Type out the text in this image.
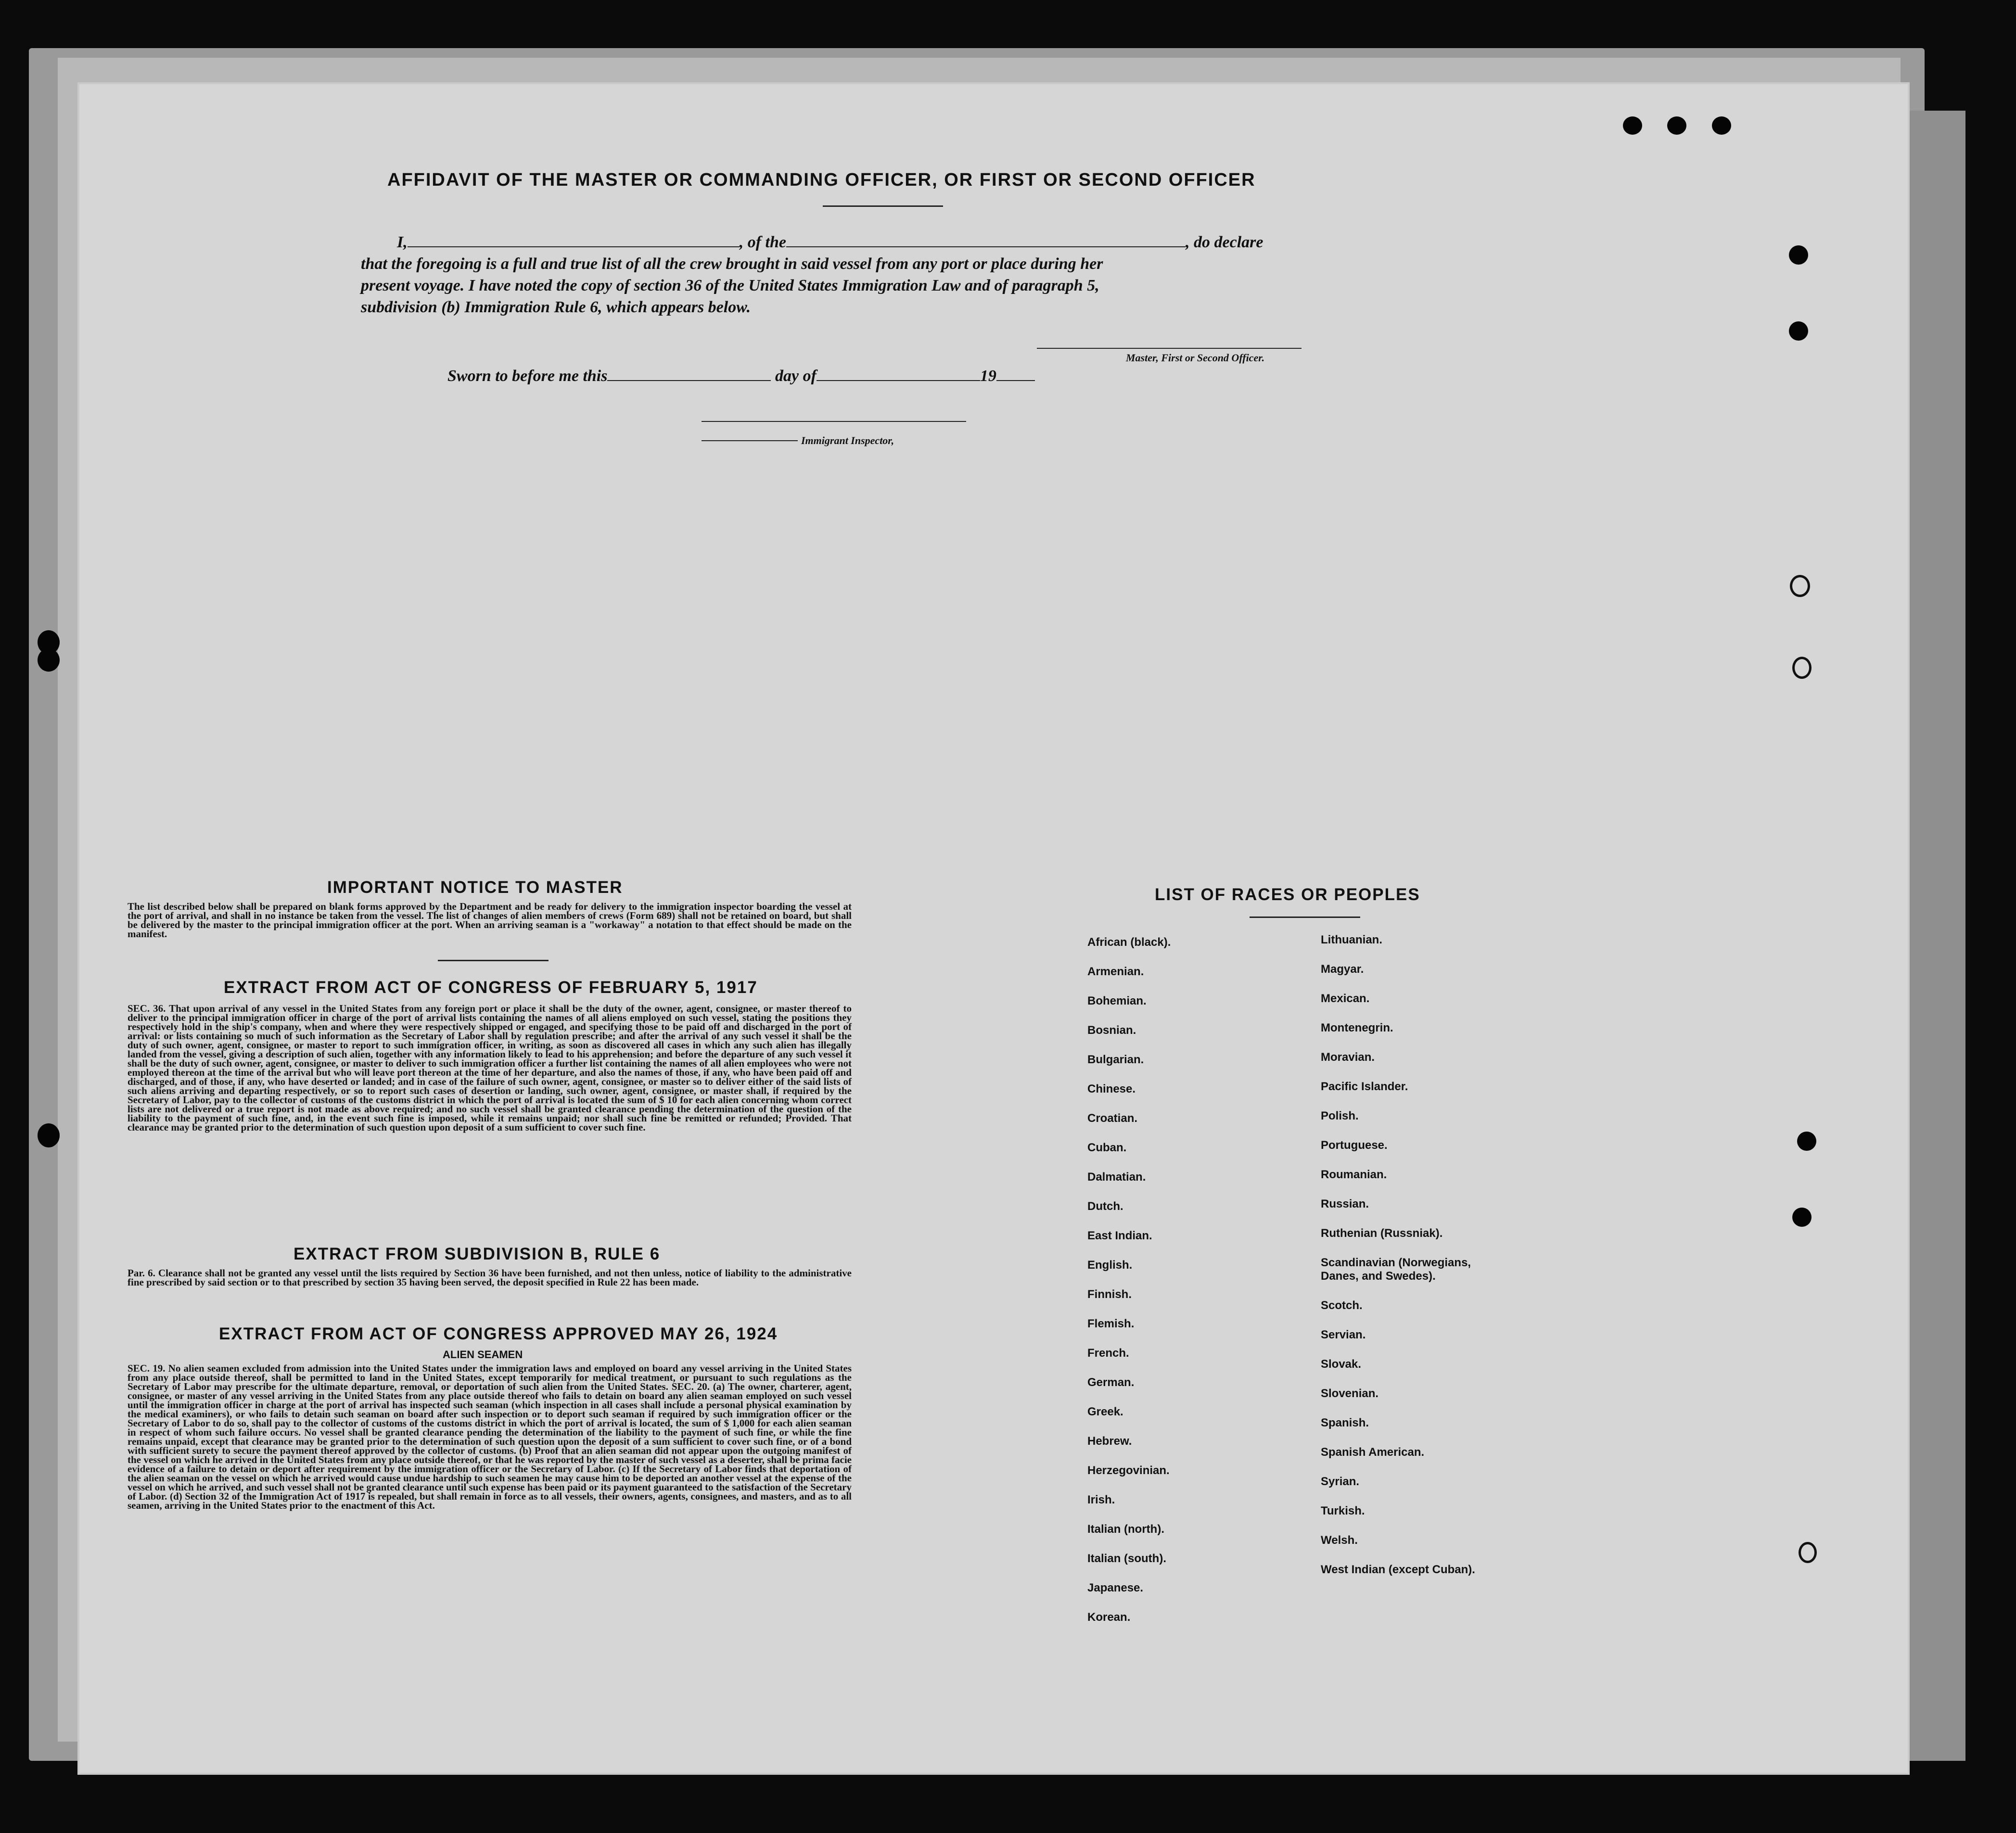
AFFIDAVIT OF THE MASTER OR COMMANDING OFFICER, OR FIRST OR SECOND OFFICER
I,	, of the	, do declare
that the foregoing is a full and true list of all the crew brought in said vessel from any port or place during her
present voyage. I have noted the copy of section 36 of the United States Immigration Law and of paragraph 5,
subdivision (b) Immigration Rule 6, which appears below.
Master, First or Second Officer.
Sworn to before me this	day of	19
Immigrant Inspector,
IMPORTANT NOTICE TO MASTER
The list described below shall be prepared on blank forms approved by the Department and be ready for delivery to the immigration inspector boarding the vessel at the port of arrival, and shall in no instance be taken from the vessel. The list of changes of alien members of crews (Form 689) shall not be retained on board, but shall be delivered by the master to the principal immigration officer at the port. When an arriving seaman is a "workaway" a notation to that effect should be made on the manifest.
EXTRACT FROM ACT OF CONGRESS OF FEBRUARY 5, 1917
SEC. 36. That upon arrival of any vessel in the United States from any foreign port or place it shall be the duty of the owner, agent, consignee, or master thereof to deliver to the principal immigration officer in charge of the port of arrival lists containing the names of all aliens employed on such vessel, stating the positions they respectively hold in the ship's company, when and where they were respectively shipped or engaged, and specifying those to be paid off and discharged in the port of arrival: or lists containing so much of such information as the Secretary of Labor shall by regulation prescribe; and after the arrival of any such vessel it shall be the duty of such owner, agent, consignee, or master to report to such immigration officer, in writing, as soon as discovered all cases in which any such alien has illegally landed from the vessel, giving a description of such alien, together with any information likely to lead to his apprehension; and before the departure of any such vessel it shall be the duty of such owner, agent, consignee, or master to deliver to such immigration officer a further list containing the names of all alien employees who were not employed thereon at the time of the arrival but who will leave port thereon at the time of her departure, and also the names of those, if any, who have been paid off and discharged, and of those, if any, who have deserted or landed; and in case of the failure of such owner, agent, consignee, or master so to deliver either of the said lists of such aliens arriving and departing respectively, or so to report such cases of desertion or landing, such owner, agent, consignee, or master shall, if required by the Secretary of Labor, pay to the collector of customs of the customs district in which the port of arrival is located the sum of $ 10 for each alien concerning whom correct lists are not delivered or a true report is not made as above required; and no such vessel shall be granted clearance pending the determination of the question of the liability to the payment of such fine, and, in the event such fine is imposed, while it remains unpaid; nor shall such fine be remitted or refunded; Provided. That clearance may be granted prior to the determination of such question upon deposit of a sum sufficient to cover such fine.
EXTRACT FROM SUBDIVISION B, RULE 6
Par. 6. Clearance shall not be granted any vessel until the lists required by Section 36 have been furnished, and not then unless, notice of liability to the administrative fine prescribed by said section or to that prescribed by section 35 having been served, the deposit specified in Rule 22 has been made.
EXTRACT FROM ACT OF CONGRESS APPROVED MAY 26, 1924
ALIEN SEAMEN
SEC. 19. No alien seamen excluded from admission into the United States under the immigration laws and employed on board any vessel arriving in the United States from any place outside thereof, shall be permitted to land in the United States, except temporarily for medical treatment, or pursuant to such regulations as the Secretary of Labor may prescribe for the ultimate departure, removal, or deportation of such alien from the United States. SEC. 20. (a) The owner, charterer, agent, consignee, or master of any vessel arriving in the United States from any place outside thereof who fails to detain on board any alien seaman employed on such vessel until the immigration officer in charge at the port of arrival has inspected such seaman (which inspection in all cases shall include a personal physical examination by the medical examiners), or who fails to detain such seaman on board after such inspection or to deport such seaman if required by such immigration officer or the Secretary of Labor to do so, shall pay to the collector of customs of the customs district in which the port of arrival is located, the sum of $ 1,000 for each alien seaman in respect of whom such failure occurs. No vessel shall be granted clearance pending the determination of the liability to the payment of such fine, or while the fine remains unpaid, except that clearance may be granted prior to the determination of such question upon the deposit of a sum sufficient to cover such fine, or of a bond with sufficient surety to secure the payment thereof approved by the collector of customs. (b) Proof that an alien seaman did not appear upon the outgoing manifest of the vessel on which he arrived in the United States from any place outside thereof, or that he was reported by the master of such vessel as a deserter, shall be prima facie evidence of a failure to detain or deport after requirement by the immigration officer or the Secretary of Labor. (c) If the Secretary of Labor finds that deportation of the alien seaman on the vessel on which he arrived would cause undue hardship to such seamen he may cause him to be deported an another vessel at the expense of the vessel on which he arrived, and such vessel shall not be granted clearance until such expense has been paid or its payment guaranteed to the satisfaction of the Secretary of Labor. (d) Section 32 of the Immigration Act of 1917 is repealed, but shall remain in force as to all vessels, their owners, agents, consignees, and masters, and as to all seamen, arriving in the United States prior to the enactment of this Act.
LIST OF RACES OR PEOPLES
African (black).
Armenian.
Bohemian.
Bosnian.
Bulgarian.
Chinese.
Croatian.
Cuban.
Dalmatian.
Dutch.
East Indian.
English.
Finnish.
Flemish.
French.
German.
Greek.
Hebrew.
Herzegovinian.
Irish.
Italian (north).
Italian (south).
Japanese.
Korean.
Lithuanian.
Magyar.
Mexican.
Montenegrin.
Moravian.
Pacific Islander.
Polish.
Portuguese.
Roumanian.
Russian.
Ruthenian (Russniak).
Scandinavian (Norwegians,
Danes, and Swedes).
Scotch.
Servian.
Slovak.
Slovenian.
Spanish.
Spanish American.
Syrian.
Turkish.
Welsh.
West Indian (except Cuban).
